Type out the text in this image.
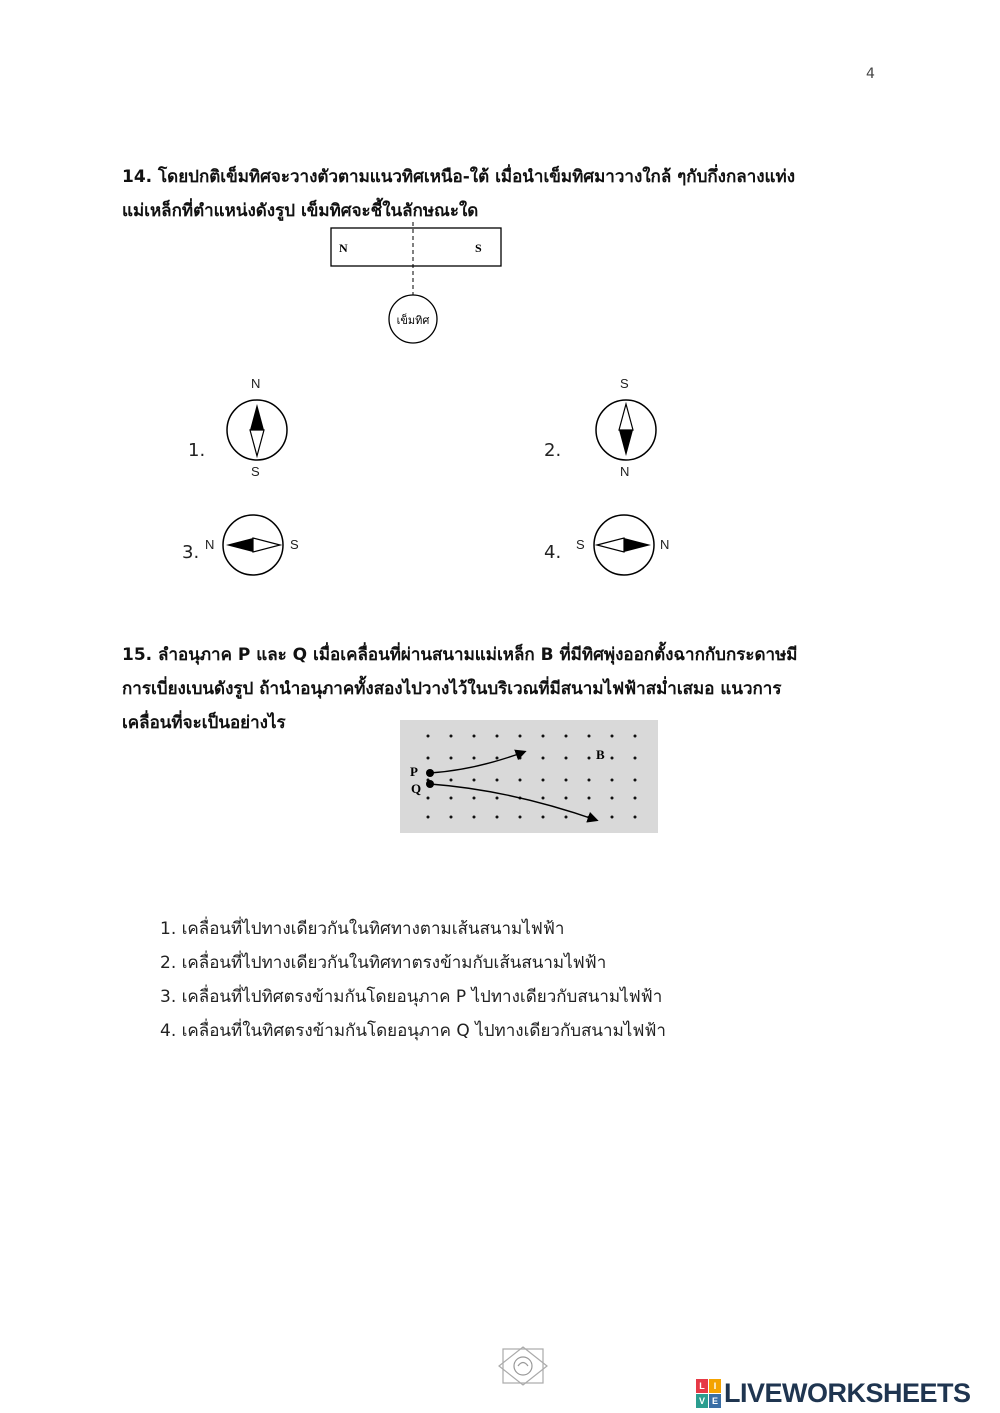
4
14. โดยปกติเข็มทิศจะวางตัวตามแนวทิศเหนือ-ใต้ เมื่อนำเข็มทิศมาวางใกล้ ๆกับกึ่งกลางแท่ง
แม่เหล็กที่ตำแหน่งดังรูป เข็มทิศจะชี้ในลักษณะใด
N	S
เข็มทิศ
1.
N
S
2.
S
N
3. N	S	4. S	N
15. ลำอนุภาค P และ Q เมื่อเคลื่อนที่ผ่านสนามแม่เหล็ก B ที่มีทิศพุ่งออกตั้งฉากกับกระดาษมี
การเบี่ยงเบนดังรูป ถ้านำอนุภาคทั้งสองไปวางไว้ในบริเวณที่มีสนามไฟฟ้าสม่ำเสมอ แนวการ
เคลื่อนที่จะเป็นอย่างไร
P
Q
B
1. เคลื่อนที่ไปทางเดียวกันในทิศทางตามเส้นสนามไฟฟ้า
2. เคลื่อนที่ไปทางเดียวกันในทิศทาตรงข้ามกับเส้นสนามไฟฟ้า
3. เคลื่อนที่ไปทิศตรงข้ามกันโดยอนุภาค P ไปทางเดียวกับสนามไฟฟ้า
4. เคลื่อนที่ในทิศตรงข้ามกันโดยอนุภาค Q ไปทางเดียวกับสนามไฟฟ้า
L I
V E LIVEWORKSHEETS
